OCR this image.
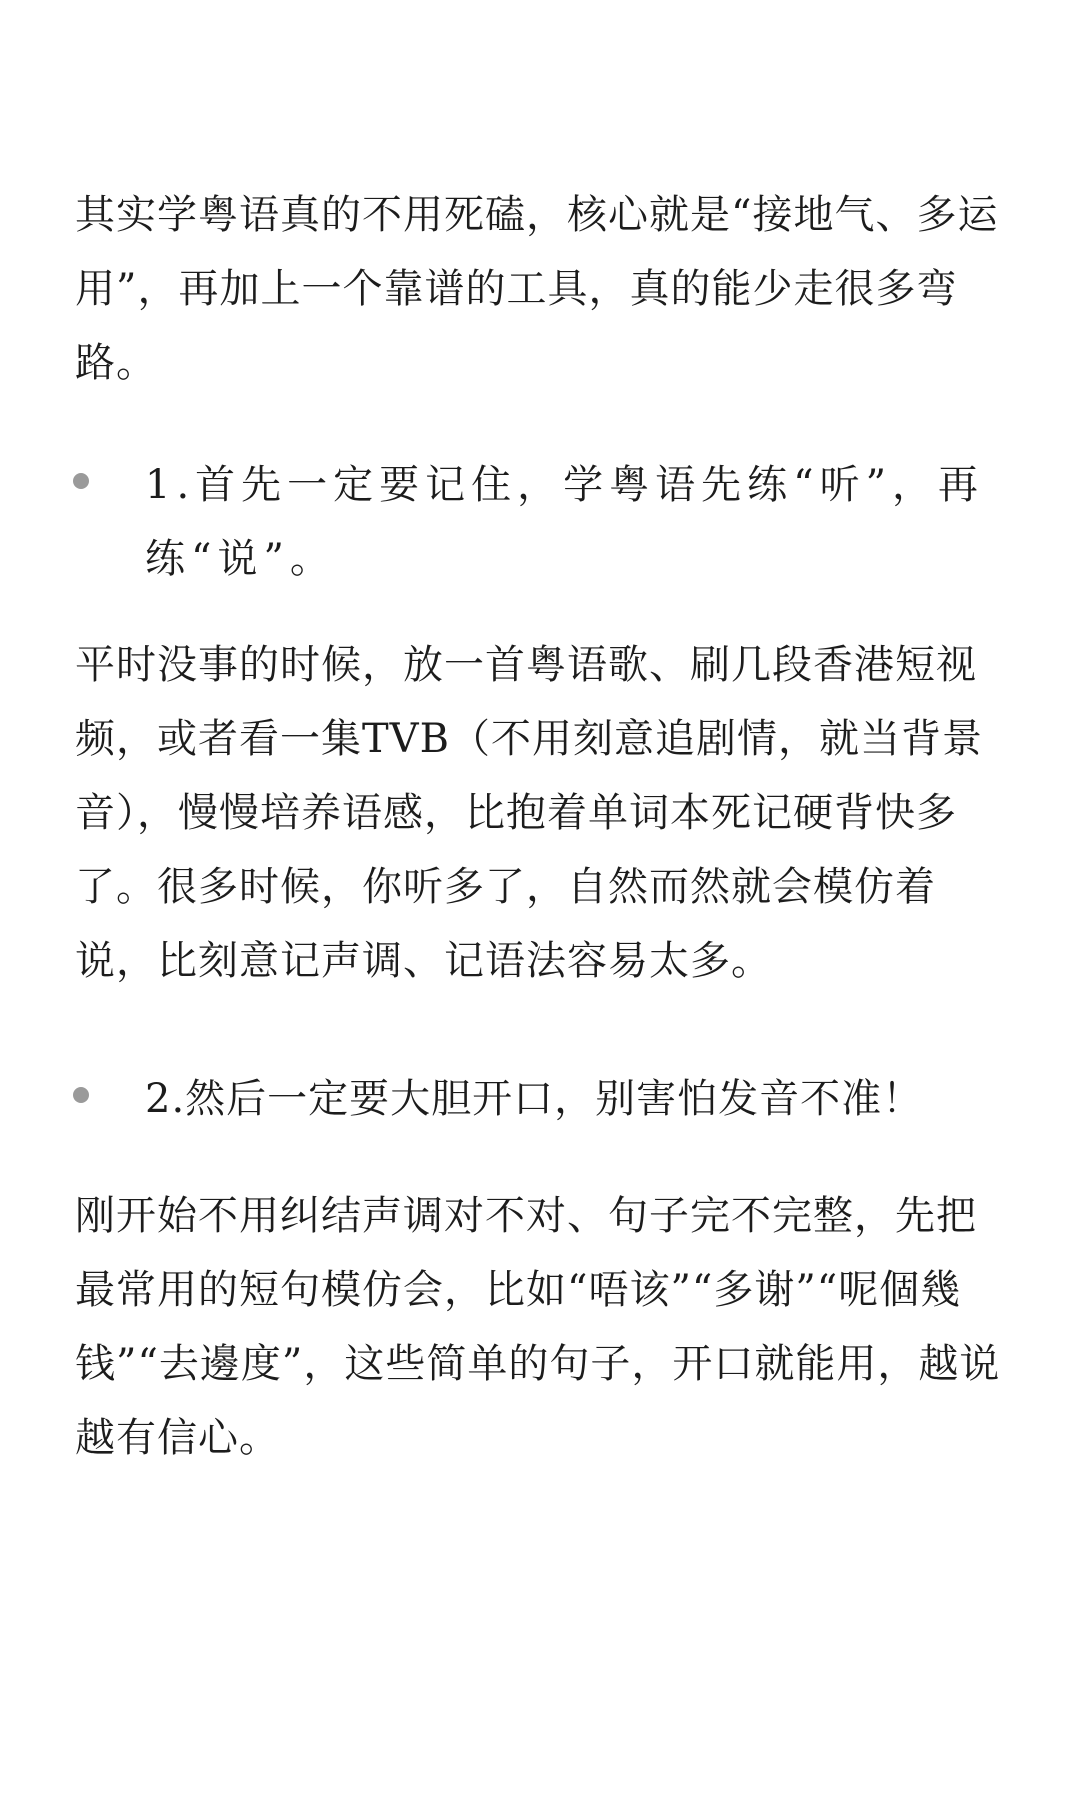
其实学粤语真的不用死磕，核心就是“接地气、多运用”，再加上一个靠谱的工具，真的能少走很多弯路。

1.首先一定要记住，学粤语先练“听”，再练“说”。

平时没事的时候，放一首粤语歌、刷几段香港短视频，或者看一集TVB（不用刻意追剧情，就当背景音），慢慢培养语感，比抱着单词本死记硬背快多了。很多时候，你听多了，自然而然就会模仿着说，比刻意记声调、记语法容易太多。

2.然后一定要大胆开口，别害怕发音不准！

刚开始不用纠结声调对不对、句子完不完整，先把最常用的短句模仿会，比如“唔该”“多谢”“呢個幾钱”“去邊度”，这些简单的句子，开口就能用，越说越有信心。
